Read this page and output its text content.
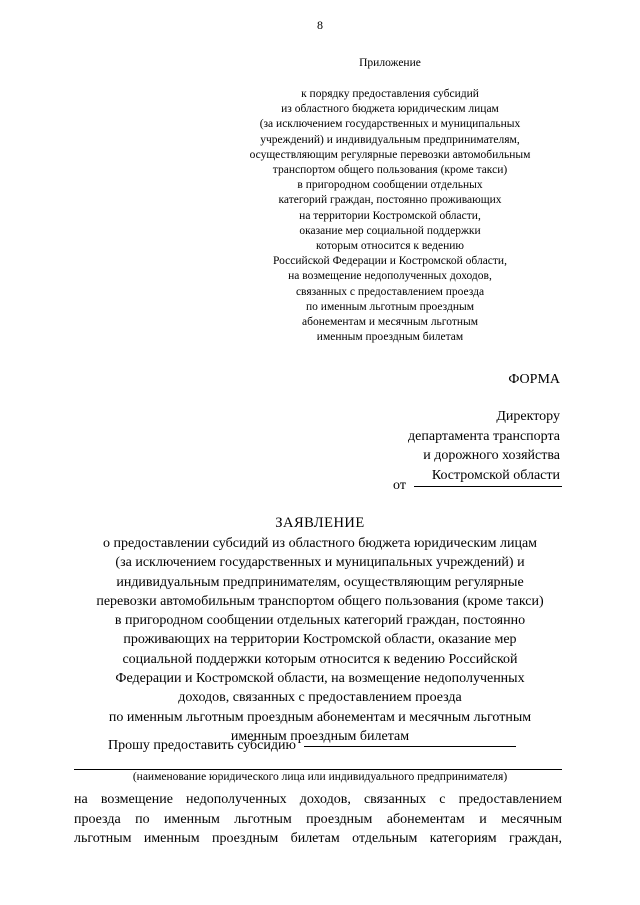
8
Приложение
к порядку предоставления субсидий
из областного бюджета юридическим лицам
(за исключением государственных и муниципальных
учреждений) и индивидуальным предпринимателям,
осуществляющим регулярные перевозки автомобильным
транспортом общего пользования (кроме такси)
в пригородном сообщении отдельных
категорий граждан, постоянно проживающих
на территории Костромской области,
оказание мер социальной поддержки
которым относится к ведению
Российской Федерации и Костромской области,
на возмещение недополученных доходов,
связанных с предоставлением проезда
по именным льготным проездным
абонементам и месячным льготным
именным проездным билетам
ФОРМА
Директору
департамента транспорта
и дорожного хозяйства
Костромской области
от
ЗАЯВЛЕНИЕ
о предоставлении субсидий из областного бюджета юридическим лицам
(за исключением государственных и муниципальных учреждений) и
индивидуальным предпринимателям, осуществляющим регулярные
перевозки автомобильным транспортом общего пользования (кроме такси)
в пригородном сообщении отдельных категорий граждан, постоянно
проживающих на территории Костромской области, оказание мер
социальной поддержки которым относится к ведению Российской
Федерации и Костромской области, на возмещение недополученных
доходов, связанных с предоставлением проезда
по именным льготным проездным абонементам и месячным льготным
именным проездным билетам
Прошу предоставить субсидию
(наименование юридического лица или индивидуального предпринимателя)
на возмещение недополученных доходов, связанных с предоставлением
проезда по именным льготным проездным абонементам и месячным
льготным именным проездным билетам отдельным категориям граждан,
